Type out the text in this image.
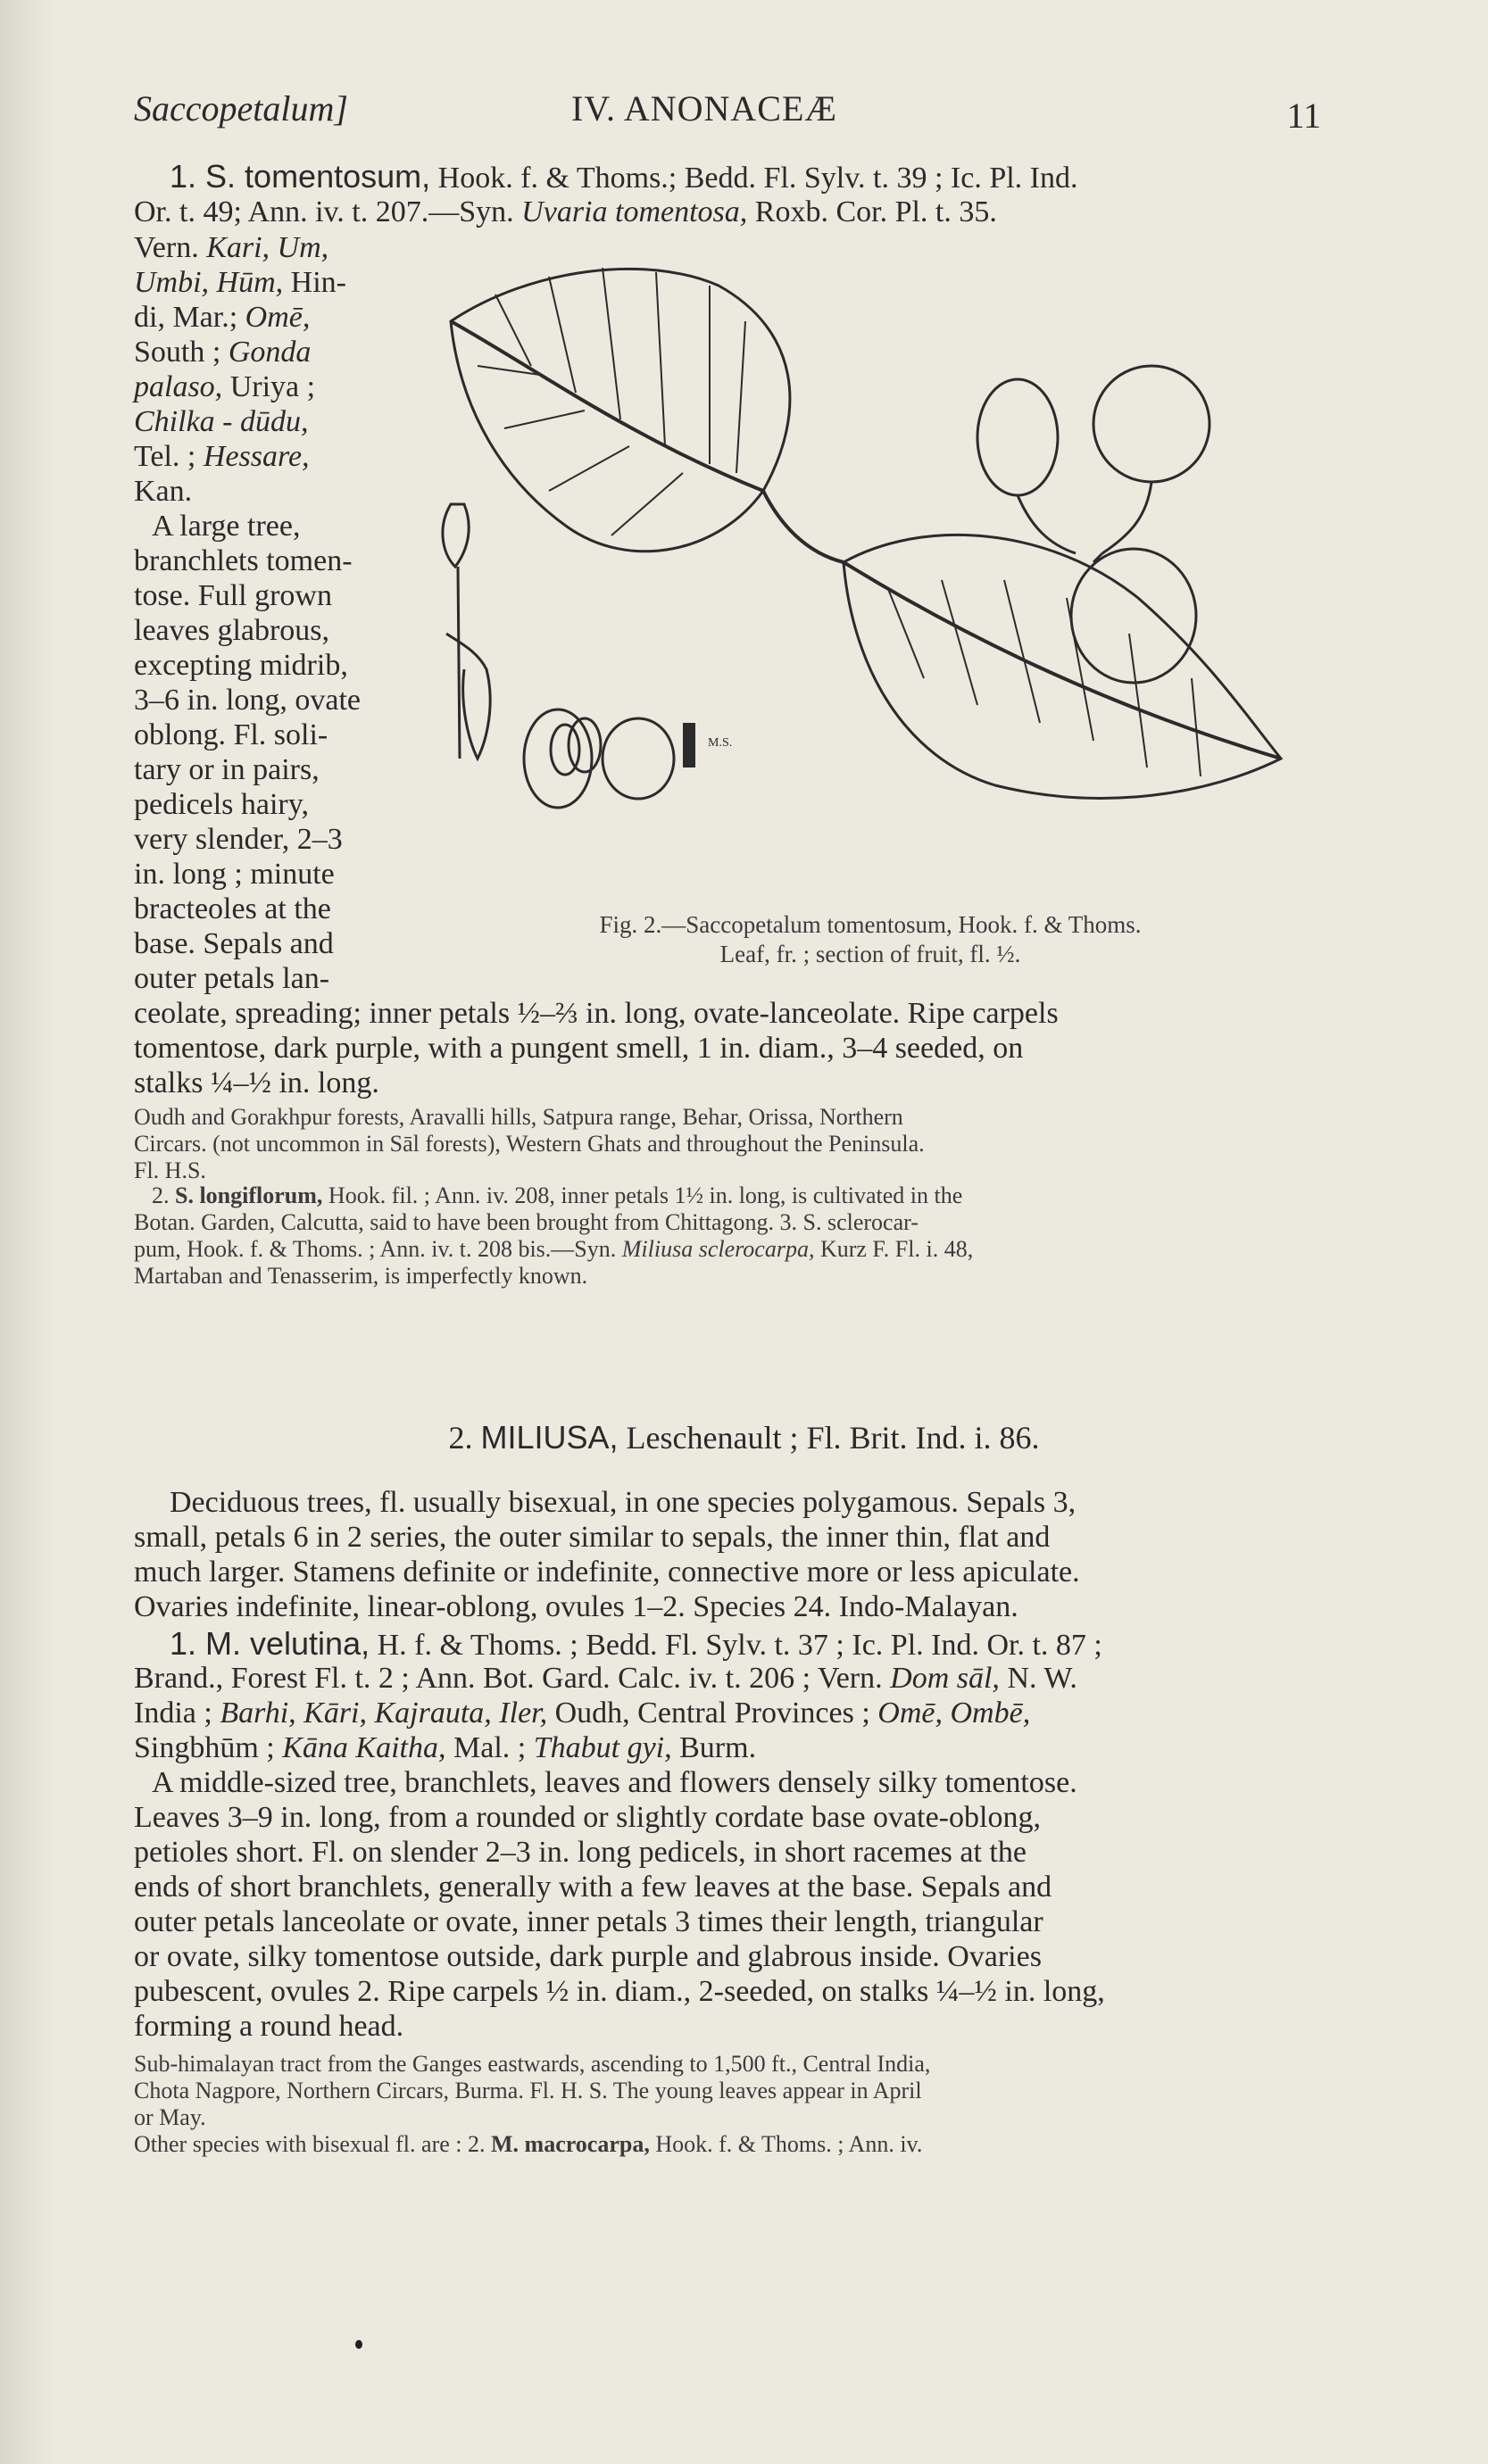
Saccopetalum]	IV. ANONACEÆ	11

1. S. tomentosum, Hook. f. & Thoms.; Bedd. Fl. Sylv. t. 39 ; Ic. Pl. Ind.

Or. t. 49; Ann. iv. t. 207.—Syn. Uvaria tomentosa, Roxb. Cor. Pl. t. 35.

Vern. Kari, Um,
Umbi, Hūm, Hin-
di, Mar.; Omē,
South ; Gonda
palaso, Uriya ;
Chilka - dūdu,
Tel. ; Hessare,
Kan.
A large tree,
branchlets tomen-
tose. Full grown
leaves glabrous,
excepting midrib,
3–6 in. long, ovate
oblong. Fl. soli-
tary or in pairs,
pedicels hairy,
very slender, 2–3
in. long ; minute
bracteoles at the
base. Sepals and
outer petals lan-
M.S.
Fig. 2.—Saccopetalum tomentosum, Hook. f. & Thoms.
Leaf, fr. ; section of fruit, fl. ½.
ceolate, spreading; inner petals ½–⅔ in. long, ovate-lanceolate. Ripe carpels
tomentose, dark purple, with a pungent smell, 1 in. diam., 3–4 seeded, on
stalks ¼–½ in. long.
Oudh and Gorakhpur forests, Aravalli hills, Satpura range, Behar, Orissa, Northern
Circars. (not uncommon in Sāl forests), Western Ghats and throughout the Peninsula.
Fl. H.S.
2. S. longiflorum, Hook. fil. ; Ann. iv. 208, inner petals 1½ in. long, is cultivated in the
Botan. Garden, Calcutta, said to have been brought from Chittagong. 3. S. sclerocar-
pum, Hook. f. & Thoms. ; Ann. iv. t. 208 bis.—Syn. Miliusa sclerocarpa, Kurz F. Fl. i. 48,
Martaban and Tenasserim, is imperfectly known.
2. MILIUSA, Leschenault ; Fl. Brit. Ind. i. 86.
Deciduous trees, fl. usually bisexual, in one species polygamous. Sepals 3,
small, petals 6 in 2 series, the outer similar to sepals, the inner thin, flat and
much larger. Stamens definite or indefinite, connective more or less apiculate.
Ovaries indefinite, linear-oblong, ovules 1–2. Species 24. Indo-Malayan.

1. M. velutina, H. f. & Thoms. ; Bedd. Fl. Sylv. t. 37 ; Ic. Pl. Ind. Or. t. 87 ;

Brand., Forest Fl. t. 2 ; Ann. Bot. Gard. Calc. iv. t. 206 ; Vern. Dom sāl, N. W.

India ; Barhi, Kāri, Kajrauta, Iler, Oudh, Central Provinces ; Omē, Ombē,

Singbhūm ; Kāna Kaitha, Mal. ; Thabut gyi, Burm.

A middle-sized tree, branchlets, leaves and flowers densely silky tomentose.
Leaves 3–9 in. long, from a rounded or slightly cordate base ovate-oblong,
petioles short. Fl. on slender 2–3 in. long pedicels, in short racemes at the
ends of short branchlets, generally with a few leaves at the base. Sepals and
outer petals lanceolate or ovate, inner petals 3 times their length, triangular
or ovate, silky tomentose outside, dark purple and glabrous inside. Ovaries
pubescent, ovules 2. Ripe carpels ½ in. diam., 2-seeded, on stalks ¼–½ in. long,
forming a round head.
Sub-himalayan tract from the Ganges eastwards, ascending to 1,500 ft., Central India,
Chota Nagpore, Northern Circars, Burma. Fl. H. S. The young leaves appear in April
or May.

Other species with bisexual fl. are : 2. M. macrocarpa, Hook. f. & Thoms. ; Ann. iv.
